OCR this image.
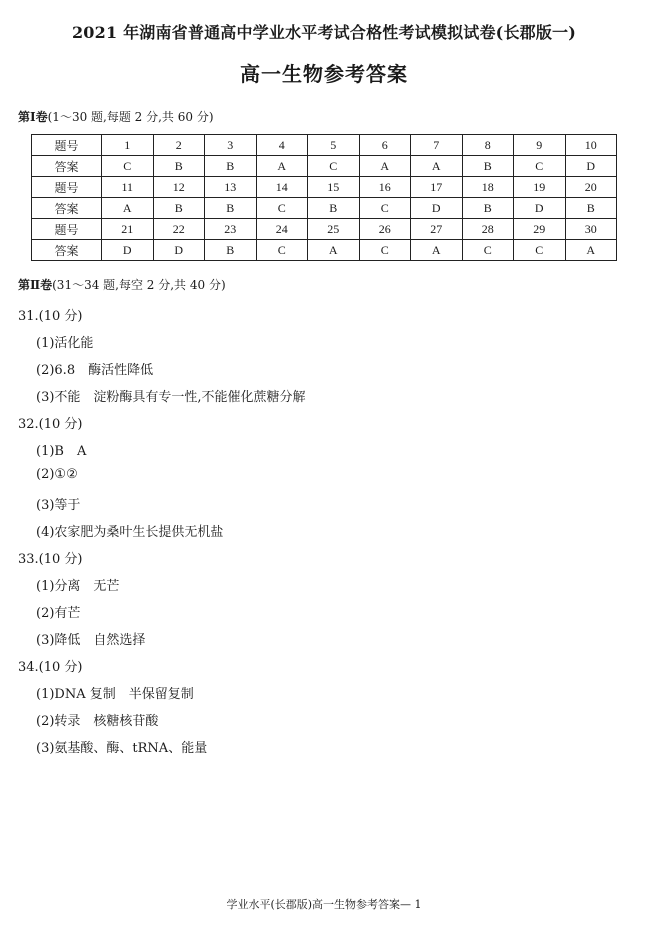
2021 年湖南省普通高中学业水平考试合格性考试模拟试卷(长郡版一)
高一生物参考答案
第Ⅰ卷(1～30 题,每题 2 分,共 60 分)
题号	1	2	3	4	5	6	7	8	9	10
答案	C	B	B	A	C	A	A	B	C	D
题号	11	12	13	14	15	16	17	18	19	20
答案	A	B	B	C	B	C	D	B	D	B
题号	21	22	23	24	25	26	27	28	29	30
答案	D	D	B	C	A	C	A	C	C	A
第Ⅱ卷(31～34 题,每空 2 分,共 40 分)
31.(10 分)
(1)活化能
(2)6.8　酶活性降低
(3)不能　淀粉酶具有专一性,不能催化蔗糖分解
32.(10 分)
(1)B　A
(2)①②
(3)等于
(4)农家肥为桑叶生长提供无机盐
33.(10 分)
(1)分离　无芒
(2)有芒
(3)降低　自然选择
34.(10 分)
(1)DNA 复制　半保留复制
(2)转录　核糖核苷酸
(3)氨基酸、酶、tRNA、能量
学业水平(长郡版)高一生物参考答案— 1
